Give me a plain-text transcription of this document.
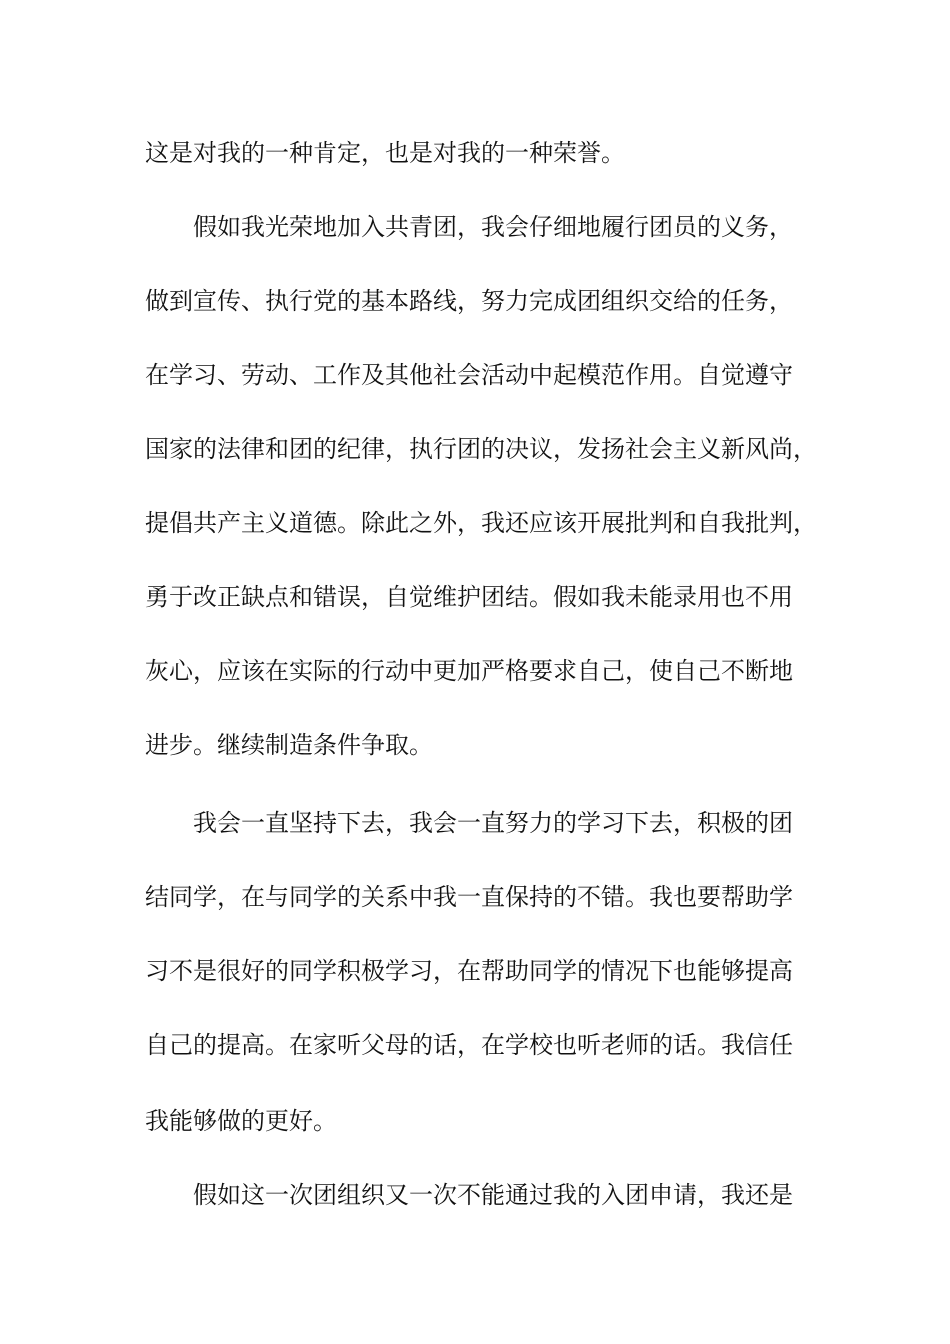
这是对我的一种肯定，也是对我的一种荣誉。
假如我光荣地加入共青团，我会仔细地履行团员的义务，
做到宣传、执行党的基本路线，努力完成团组织交给的任务，
在学习、劳动、工作及其他社会活动中起模范作用。自觉遵守
国家的法律和团的纪律，执行团的决议，发扬社会主义新风尚，
提倡共产主义道德。除此之外，我还应该开展批判和自我批判，
勇于改正缺点和错误，自觉维护团结。假如我未能录用也不用
灰心，应该在实际的行动中更加严格要求自己，使自己不断地
进步。继续制造条件争取。
我会一直坚持下去，我会一直努力的学习下去，积极的团
结同学，在与同学的关系中我一直保持的不错。我也要帮助学
习不是很好的同学积极学习，在帮助同学的情况下也能够提高
自己的提高。在家听父母的话，在学校也听老师的话。我信任
我能够做的更好。
假如这一次团组织又一次不能通过我的入团申请，我还是
